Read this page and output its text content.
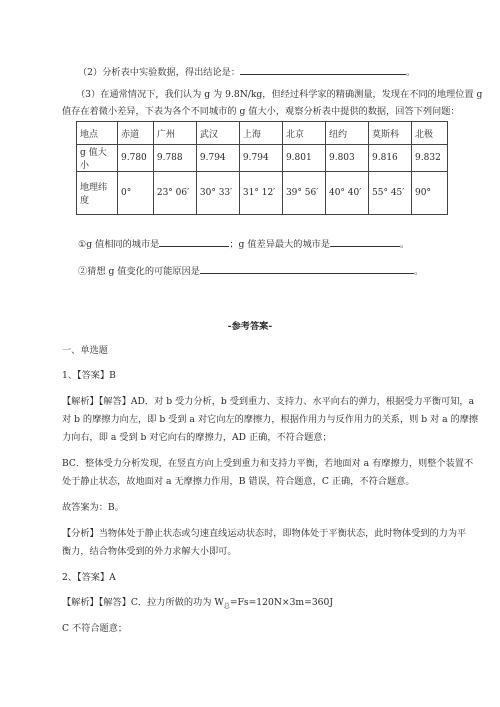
（2）分析表中实验数据，得出结论是：	。
（3）在通常情况下，我们认为 g 为 9.8N/kg，但经过科学家的精确测量，发现在不同的地理位置 g
值存在着微小差异，下表为各个不同城市的 g 值大小，观察分析表中提供的数据，回答下列问题：
地点	赤道	广州	武汉	上海	北京	纽约	莫斯科	北极
g 值大小	9.780	9.788	9.794	9.794	9.801	9.803	9.816	9.832

地理纬
度	0°	23° 06′	30° 33′	31° 12′	39° 56′	40° 40′	55° 45′	90°
①g 值相同的城市是	；g 值差异最大的城市是	。
②猜想 g 值变化的可能原因是	。
-参考答案-
一、单选题
1、【答案】B
【解析】【解答】AD．对 b 受力分析，b 受到重力、支持力、水平向右的弹力，根据受力平衡可知，a
对 b 的摩擦力向左，即 b 受到 a 对它向左的摩擦力，根据作用力与反作用力的关系，则 b 对 a 的摩擦
力向右，即 a 受到 b 对它向右的摩擦力，AD 正确，不符合题意；
BC．整体受力分析发现，在竖直方向上受到重力和支持力平衡，若地面对 a 有摩擦力，则整个装置不
处于静止状态，故地面对 a 无摩擦力作用，B 错误，符合题意，C 正确，不符合题意。
故答案为：B。
【分析】当物体处于静止状态或匀速直线运动状态时，即物体处于平衡状态，此时物体受到的力为平
衡力，结合物体受到的外力求解大小即可。
2、【答案】A
【解析】【解答】C．拉力所做的功为 $W_总=Fs=120N\times 3m=360J$
C 不符合题意；
